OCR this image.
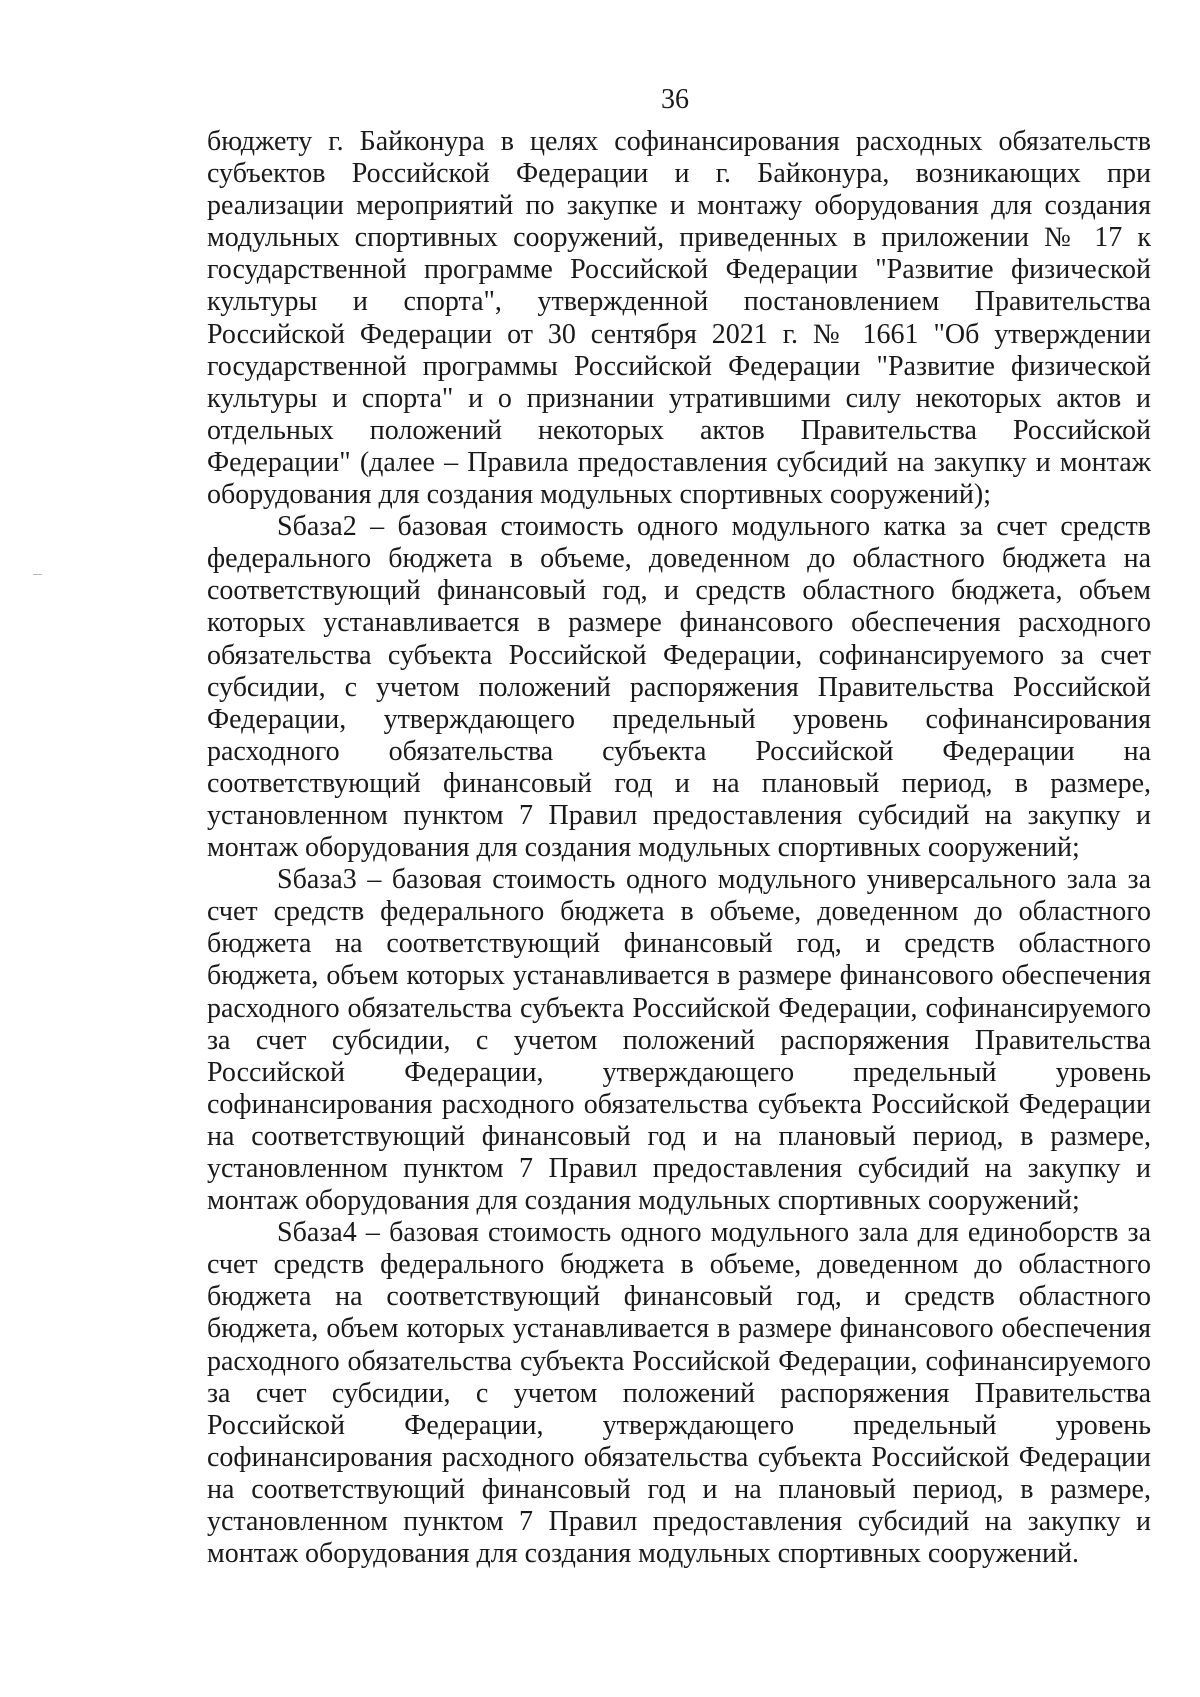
36

бюджету г. Байконура в целях софинансирования расходных обязательств субъектов Российской Федерации и г. Байконура, возникающих при реализации мероприятий по закупке и монтажу оборудования для создания модульных спортивных сооружений, приведенных в приложении № 17 к государственной программе Российской Федерации "Развитие физической культуры и спорта", утвержденной постановлением Правительства Российской Федерации от 30 сентября 2021 г. № 1661 "Об утверждении государственной программы Российской Федерации "Развитие физической культуры и спорта" и о признании утратившими силу некоторых актов и отдельных положений некоторых актов Правительства Российской Федерации" (далее – Правила предоставления субсидий на закупку и монтаж оборудования для создания модульных спортивных сооружений);

Sбаза2 – базовая стоимость одного модульного катка за счет средств федерального бюджета в объеме, доведенном до областного бюджета на соответствующий финансовый год, и средств областного бюджета, объем которых устанавливается в размере финансового обеспечения расходного обязательства субъекта Российской Федерации, софинансируемого за счет субсидии, с учетом положений распоряжения Правительства Российской Федерации, утверждающего предельный уровень софинансирования расходного обязательства субъекта Российской Федерации на соответствующий финансовый год и на плановый период, в размере, установленном пунктом 7 Правил предоставления субсидий на закупку и монтаж оборудования для создания модульных спортивных сооружений;

Sбаза3 – базовая стоимость одного модульного универсального зала за счет средств федерального бюджета в объеме, доведенном до областного бюджета на соответствующий финансовый год, и средств областного бюджета, объем которых устанавливается в размере финансового обеспечения расходного обязательства субъекта Российской Федерации, софинансируемого за счет субсидии, с учетом положений распоряжения Правительства Российской Федерации, утверждающего предельный уровень софинансирования расходного обязательства субъекта Российской Федерации на соответствующий финансовый год и на плановый период, в размере, установленном пунктом 7 Правил предоставления субсидий на закупку и монтаж оборудования для создания модульных спортивных сооружений;

Sбаза4 – базовая стоимость одного модульного зала для единоборств за счет средств федерального бюджета в объеме, доведенном до областного бюджета на соответствующий финансовый год, и средств областного бюджета, объем которых устанавливается в размере финансового обеспечения расходного обязательства субъекта Российской Федерации, софинансируемого за счет субсидии, с учетом положений распоряжения Правительства Российской Федерации, утверждающего предельный уровень софинансирования расходного обязательства субъекта Российской Федерации на соответствующий финансовый год и на плановый период, в размере, установленном пунктом 7 Правил предоставления субсидий на закупку и монтаж оборудования для создания модульных спортивных сооружений.
